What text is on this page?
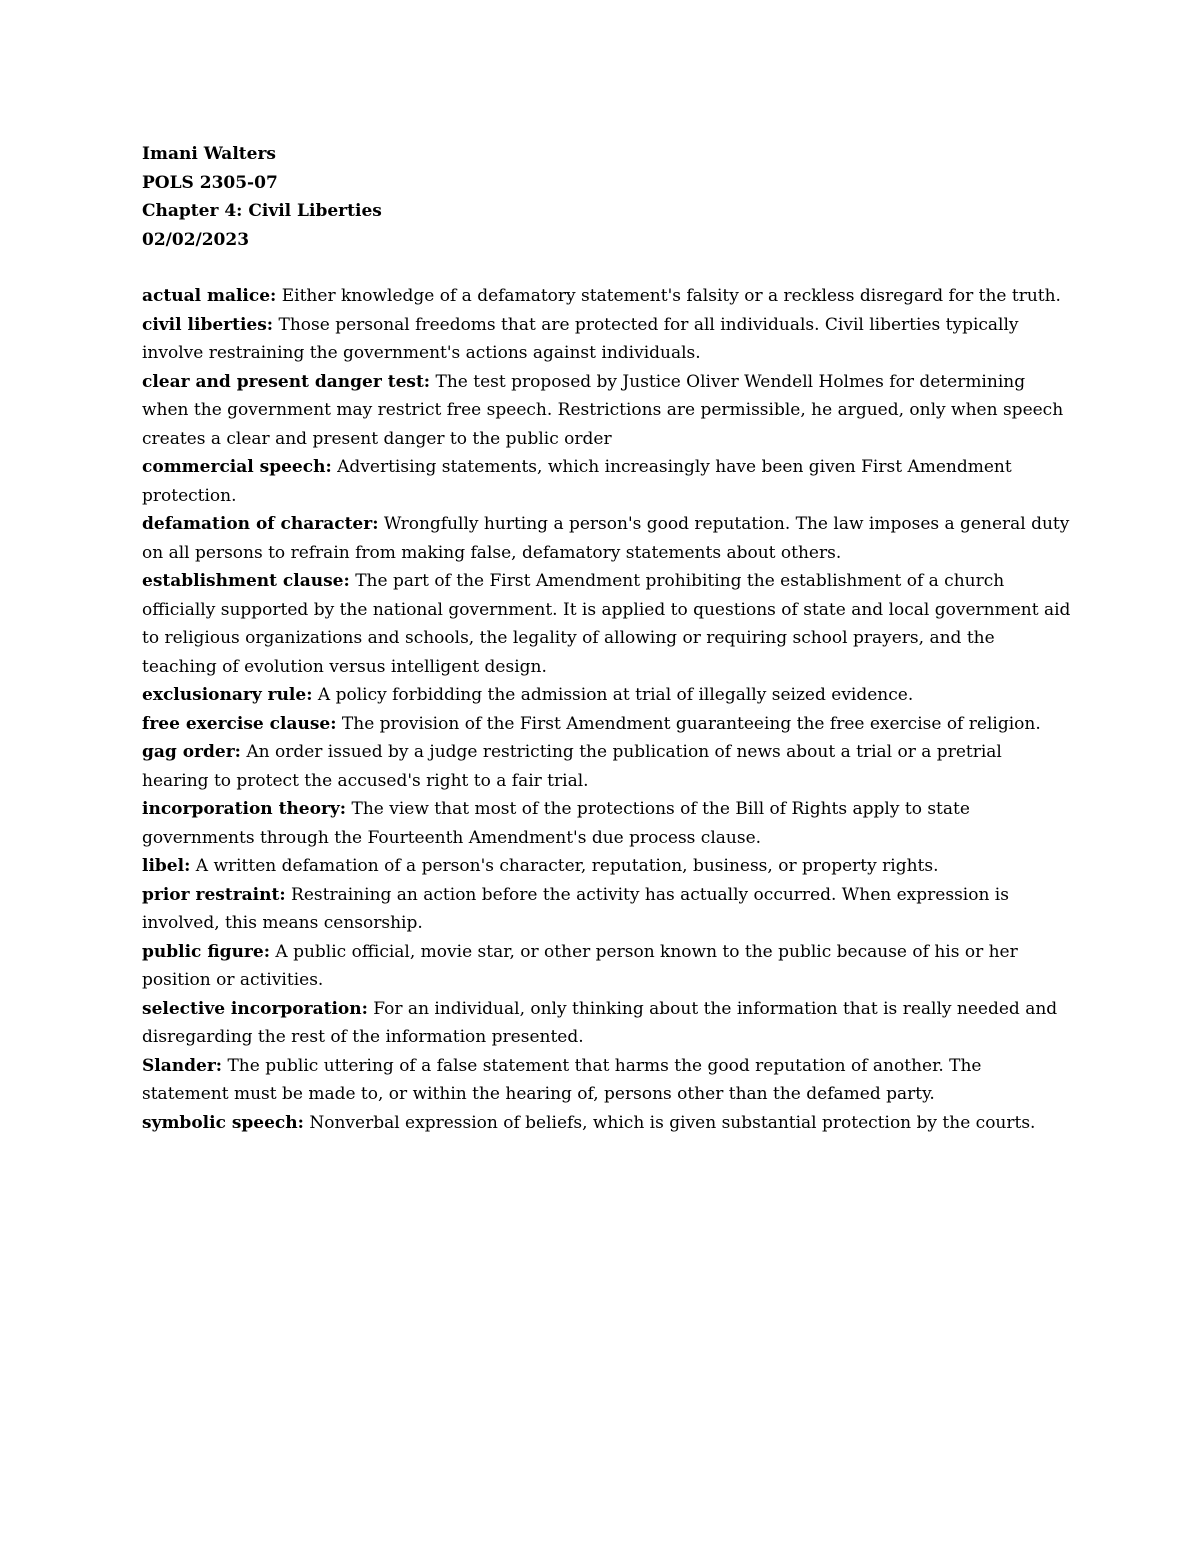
Imani Walters

POLS 2305-07

Chapter 4: Civil Liberties

02/02/2023

actual malice: Either knowledge of a defamatory statement's falsity or a reckless disregard for the truth.

civil liberties: Those personal freedoms that are protected for all individuals. Civil liberties typically involve restraining the government's actions against individuals.

clear and present danger test: The test proposed by Justice Oliver Wendell Holmes for determining when the government may restrict free speech. Restrictions are permissible, he argued, only when speech creates a clear and present danger to the public order

commercial speech: Advertising statements, which increasingly have been given First Amendment protection.

defamation of character: Wrongfully hurting a person's good reputation. The law imposes a general duty on all persons to refrain from making false, defamatory statements about others.

establishment clause: The part of the First Amendment prohibiting the establishment of a church officially supported by the national government. It is applied to questions of state and local government aid to religious organizations and schools, the legality of allowing or requiring school prayers, and the teaching of evolution versus intelligent design.

exclusionary rule: A policy forbidding the admission at trial of illegally seized evidence.

free exercise clause: The provision of the First Amendment guaranteeing the free exercise of religion.

gag order: An order issued by a judge restricting the publication of news about a trial or a pretrial hearing to protect the accused's right to a fair trial.

incorporation theory: The view that most of the protections of the Bill of Rights apply to state governments through the Fourteenth Amendment's due process clause.

libel: A written defamation of a person's character, reputation, business, or property rights.

prior restraint: Restraining an action before the activity has actually occurred. When expression is involved, this means censorship.

public figure: A public official, movie star, or other person known to the public because of his or her position or activities.

selective incorporation: For an individual, only thinking about the information that is really needed and disregarding the rest of the information presented.

Slander: The public uttering of a false statement that harms the good reputation of another. The statement must be made to, or within the hearing of, persons other than the defamed party.

symbolic speech: Nonverbal expression of beliefs, which is given substantial protection by the courts.
